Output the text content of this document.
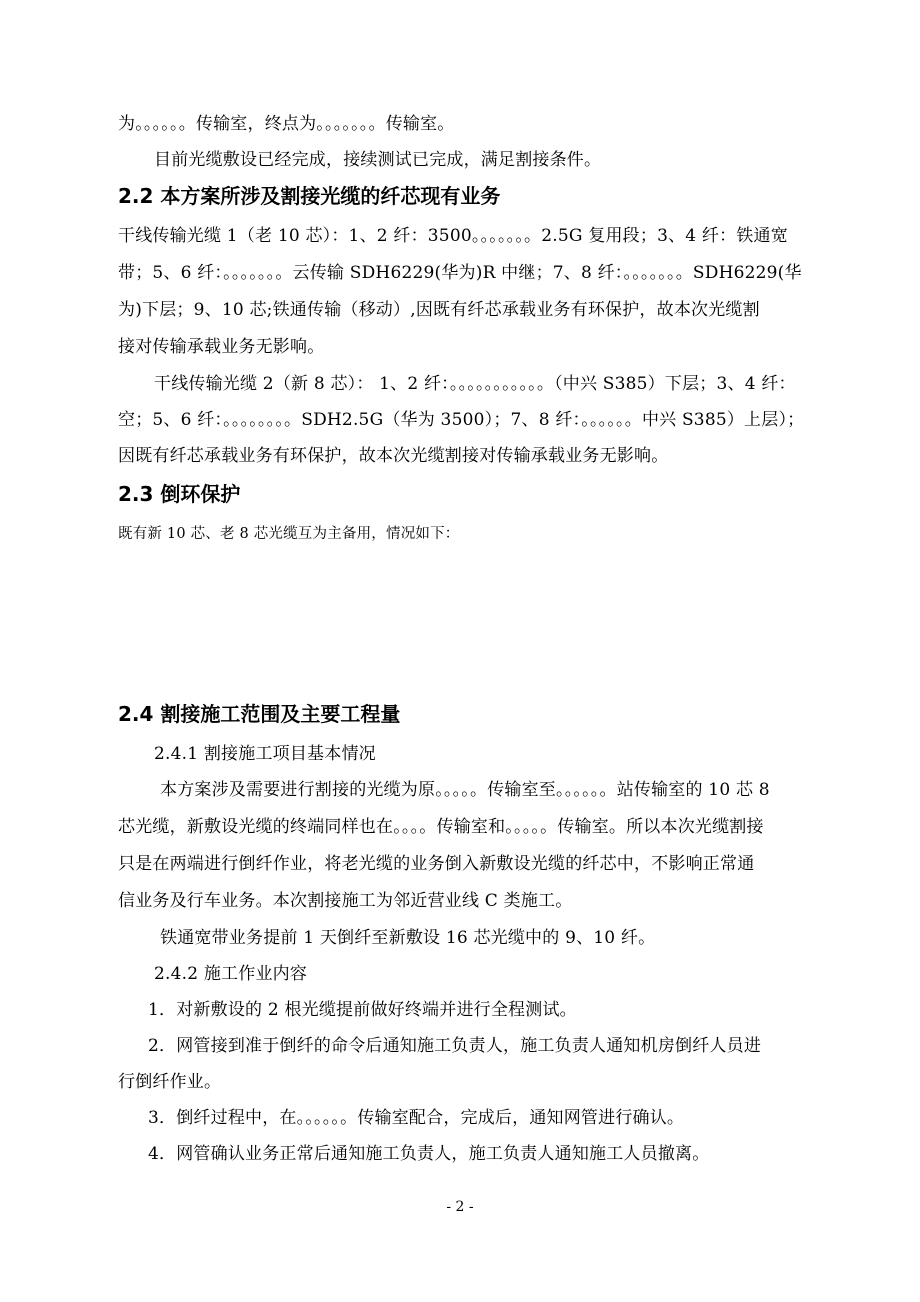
为。。。。。。传输室，终点为。。。。。。。传输室。
目前光缆敷设已经完成，接续测试已完成，满足割接条件。
2.2 本方案所涉及割接光缆的纤芯现有业务
干线传输光缆 1（老 10 芯）：1、2 纤：3500。。。。。。。2.5G 复用段；3、4 纤：铁通宽
带；5、6 纤：。。。。。。。云传输 SDH6229(华为)R 中继；7、8 纤：。。。。。。。SDH6229(华
为)下层；9、10 芯;铁通传输（移动）,因既有纤芯承载业务有环保护，故本次光缆割
接对传输承载业务无影响。
干线传输光缆 2（新 8 芯）： 1、2 纤：。。。。。。。。。。。（中兴 S385）下层；3、4 纤：
空；5、6 纤：。。。。。。。。SDH2.5G（华为 3500）；7、8 纤：。。。。。。中兴 S385）上层）；
因既有纤芯承载业务有环保护，故本次光缆割接对传输承载业务无影响。
2.3 倒环保护
既有新 10 芯、老 8 芯光缆互为主备用，情况如下：
2.4 割接施工范围及主要工程量
2.4.1 割接施工项目基本情况
本方案涉及需要进行割接的光缆为原。。。。。传输室至。。。。。。站传输室的 10 芯 8
芯光缆，新敷设光缆的终端同样也在。。。。传输室和。。。。。传输室。所以本次光缆割接
只是在两端进行倒纤作业，将老光缆的业务倒入新敷设光缆的纤芯中，不影响正常通
信业务及行车业务。本次割接施工为邻近营业线 C 类施工。
铁通宽带业务提前 1 天倒纤至新敷设 16 芯光缆中的 9、10 纤。
2.4.2 施工作业内容
1．对新敷设的 2 根光缆提前做好终端并进行全程测试。
2．网管接到准于倒纤的命令后通知施工负责人，施工负责人通知机房倒纤人员进
行倒纤作业。
3．倒纤过程中，在。。。。。。传输室配合，完成后，通知网管进行确认。
4．网管确认业务正常后通知施工负责人，施工负责人通知施工人员撤离。
- 2 -
